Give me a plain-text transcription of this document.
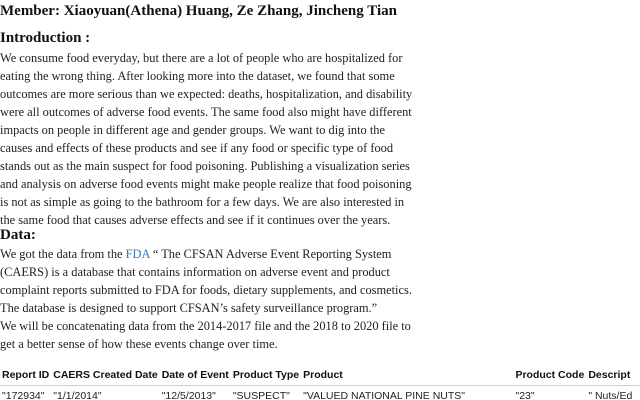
Member: Xiaoyuan(Athena) Huang, Ze Zhang, Jincheng Tian
Introduction :
We consume food everyday, but there are a lot of people who are hospitalized for
eating the wrong thing. After looking more into the dataset, we found that some
outcomes are more serious than we expected: deaths, hospitalization, and disability
were all outcomes of adverse food events. The same food also might have different
impacts on people in different age and gender groups. We want to dig into the
causes and effects of these products and see if any food or specific type of food
stands out as the main suspect for food poisoning. Publishing a visualization series
and analysis on adverse food events might make people realize that food poisoning
is not as simple as going to the bathroom for a few days. We are also interested in
the same food that causes adverse effects and see if it continues over the years.
Data:
We got the data from the FDA “ The CFSAN Adverse Event Reporting System
(CAERS) is a database that contains information on adverse event and product
complaint reports submitted to FDA for foods, dietary supplements, and cosmetics.
The database is designed to support CFSAN’s safety surveillance program.”
We will be concatenating data from the 2014-2017 file and the 2018 to 2020 file to
get a better sense of how these events change over time.
Report ID	CAERS Created Date	Date of Event	Product Type	Product	Product Code	Descript
"172934"	"1/1/2014"	"12/5/2013"	"SUSPECT"	"VALUED NATIONAL PINE NUTS"	"23"	" Nuts/Ed
